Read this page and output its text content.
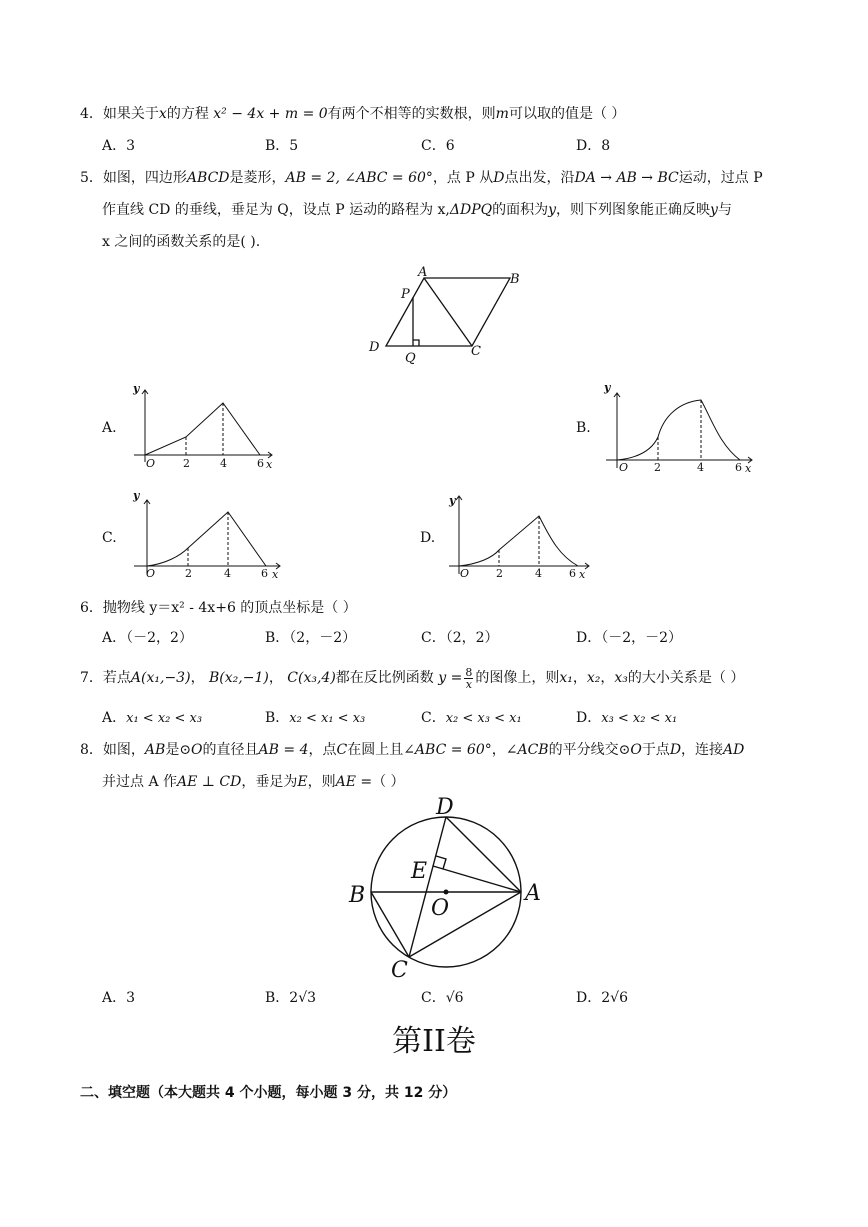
4．如果关于x的方程 x² − 4x + m = 0有两个不相等的实数根，则m可以取的值是（ ）
A．3	B．5	C．6	D．8
5．如图，四边形ABCD是菱形，AB = 2, ∠ABC = 60°，点 P 从D点出发，沿DA → AB → BC运动，过点 P
作直线 CD 的垂线，垂足为 Q，设点 P 运动的路程为 x,ΔDPQ的面积为y，则下列图象能正确反映y与
x 之间的函数关系的是( ).
A	B
C
D
P
Q
A.	B.
C.	D.
y
O	2	4	6 x
y
O 2	4	6 x
y
O	2	4	6 x
y
O 2	4 6 x
6．抛物线 y＝x² - 4x+6 的顶点坐标是（ ）
A．（－2，2）	B．（2，－2）	C．（2，2）	D．（－2，－2）
7．若点A(x₁,−3)， B(x₂,−1)， C(x₃,4)都在反比例函数 $y = \frac{8}{x}$ 的图像上，则x₁，x₂，x₃的大小关系是（ ）
A．x₁ < x₂ < x₃	B．x₂ < x₁ < x₃	C．x₂ < x₃ < x₁	D．x₃ < x₂ < x₁
8．如图，AB是⊙O的直径且AB = 4，点C在圆上且∠ABC = 60°，∠ACB的平分线交⊙O于点D，连接AD
并过点 A 作AE ⊥ CD，垂足为E，则AE =（ ）
D
E
B
O
A
C
A．3	B．2√3	C．√6	D．2√6
第II卷
二、填空题（本大题共 4 个小题，每小题 3 分，共 12 分）
